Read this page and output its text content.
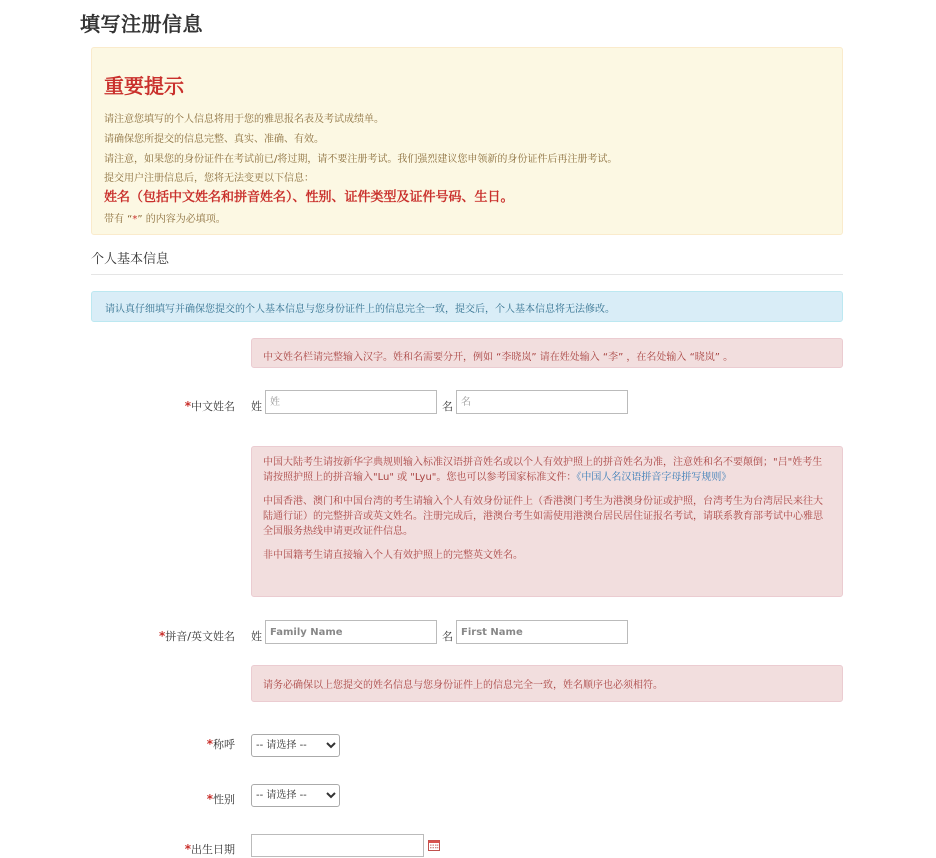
填写注册信息
重要提示
请注意您填写的个人信息将用于您的雅思报名表及考试成绩单。
请确保您所提交的信息完整、真实、准确、有效。
请注意，如果您的身份证件在考试前已/将过期，请不要注册考试。我们强烈建议您申领新的身份证件后再注册考试。
提交用户注册信息后，您将无法变更以下信息：
姓名（包括中文姓名和拼音姓名）、性别、证件类型及证件号码、生日。
带有 “*” 的内容为必填项。
个人基本信息
请认真仔细填写并确保您提交的个人基本信息与您身份证件上的信息完全一致，提交后，个人基本信息将无法修改。
中文姓名栏请完整输入汉字。姓和名需要分开，例如 “李晓岚” 请在姓处输入 “李” ，在名处输入 “晓岚” 。
*中文姓名 姓
姓	名
名

中国大陆考生请按新华字典规则输入标准汉语拼音姓名或以个人有效护照上的拼音姓名为准，注意姓和名不要颠倒；"吕"姓考生请按照护照上的拼音输入"Lu" 或 "Lyu"。您也可以参考国家标准文件：《中国人名汉语拼音字母拼写规则》

中国香港、澳门和中国台湾的考生请输入个人有效身份证件上（香港澳门考生为港澳身份证或护照，台湾考生为台湾居民来往大陆通行证）的完整拼音或英文姓名。注册完成后，港澳台考生如需使用港澳台居民居住证报名考试，请联系教育部考试中心雅思全国服务热线申请更改证件信息。

非中国籍考生请直接输入个人有效护照上的完整英文姓名。

*拼音/英文姓名 姓
Family Name	名
First Name
请务必确保以上您提交的姓名信息与您身份证件上的信息完全一致，姓名顺序也必须相符。
*称呼
-- 请选择 --
*性别
-- 请选择 --
*出生日期
